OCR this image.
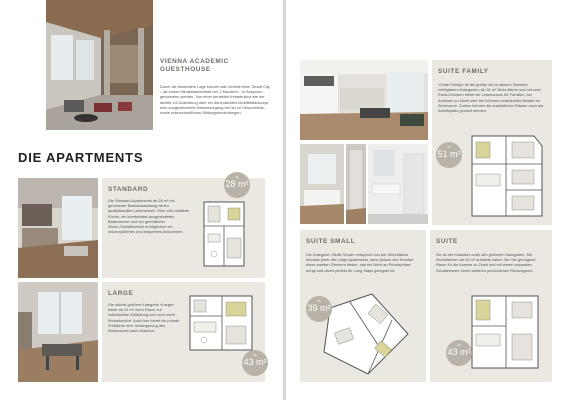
VIENNA ACADEMIC GUESTHOUSE
Durch die besondere Lage können alle Vorteile einer Smart City – ab einem Mindestaufenthalt von 2 Monaten – in Anspruch genommen werden. Von einer perfekten Infrastruktur wie der direkte U2-Anbindung über ein durchdachtes Mobilitätskonzept, eine ausgezeichnete Nahversorgung bis hin zu Gesundheits- sowie unterschiedlichen Bildungseinrichtungen.
DIE APARTMENTS
STANDARD
Die Standard-Apartments ab 28 m² mit gehobener Basisausstattung bieten qualitätsvollen Lebensraum. Eine voll möblierte Küche, ein komfortabel ausgestattetes Badezimmer und ein gemütlicher Wohn-/Schlafbereich ermöglichen ein unkompliziertes und bequemes Ankommen.
ab
28 m²
LARGE
Die nächst größere Kategorie »Large« bietet ab 43 m² mehr Raum zur individuellen Entfaltung und noch mehr Wohnkomfort. Auch hier bietet die private Freifläche eine Verlängerung des Wohnraums nach draußen.
ab
43 m²
SUITE FAMILY
»Suite Family« ist die größte der in diesem Standort verfügbaren Kategorien. Ab 51 m² Wohnfläche und mit zwei Extra-Zimmern bietet sie Lebensraum für Familien, bei Anreisen zu Zweit oder bei höheren individuellen Bedarf an Wohnraum. Zudem können die zusätzlichen Räume auch als Arbeitsplatz genutzt werden.
ab
51 m²
SUITE SMALL
Die Kategorie »Suite Small« entspricht von der Wohnfläche beinahe jener der Large Apartments, kann jedoch den Komfort eines zweiten Zimmers bieten, das ein Mehr an Privatsphäre bringt und damit perfekt für Long Stays geeignet ist.
ab
39 m²
SUITE
Sie ist der Klassiker unter den größeren Kategorien. Mit Wohnflächen ab 43 m² aufwärts haben Sie hier genügend Raum für die Anreise zu Zweit und mit einem separaten Schlafzimmer einen weiteren persönlichen Rückzugsort.
ab
43 m²
